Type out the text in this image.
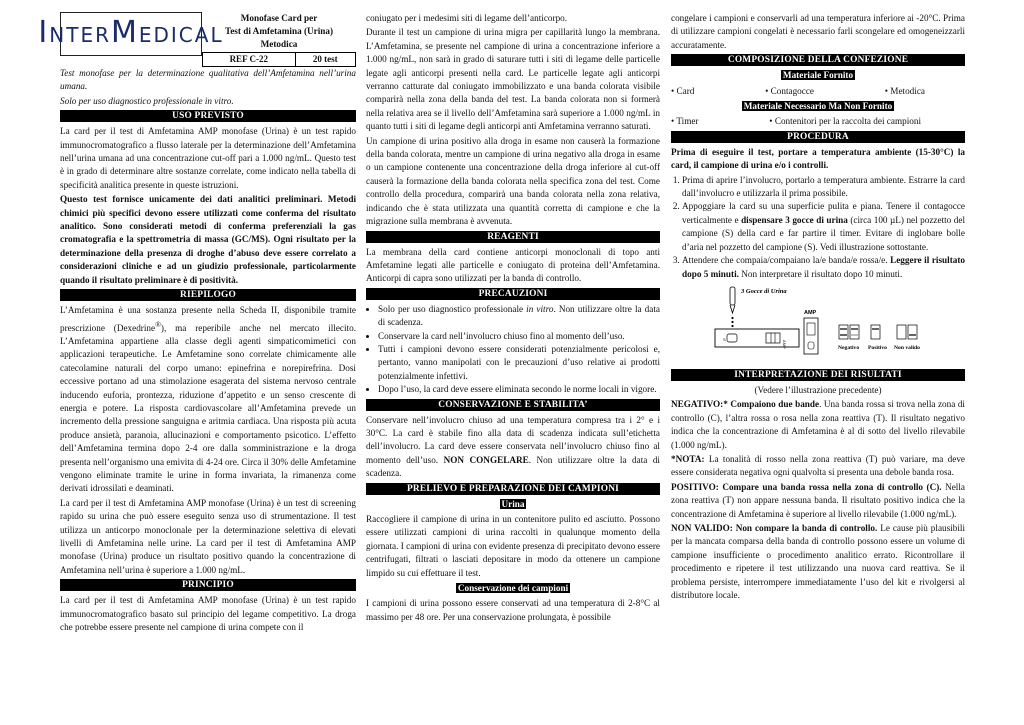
INTERMEDICAL
Monofase Card per
Test di Amfetamina (Urina)
Metodica
REF C-22	20 test

Test monofase per la determinazione qualitativa dell’Amfetamina nell’urina umana.

Solo per uso diagnostico professionale in vitro.

USO PREVISTO

La card per il test di Amfetamina AMP monofase (Urina) è un test rapido immunocromatografico a flusso laterale per la determinazione dell’Amfetamina nell’urina umana ad una concentrazione cut-off pari a 1.000 ng/mL. Questo test è in grado di determinare altre sostanze correlate, come indicato nella tabella di specificità analitica presente in queste istruzioni.

Questo test fornisce unicamente dei dati analitici preliminari. Metodi chimici più specifici devono essere utilizzati come conferma del risultato analitico. Sono considerati metodi di conferma preferenziali la gas cromatografia e la spettrometria di massa (GC/MS). Ogni risultato per la determinazione della presenza di droghe d’abuso deve essere correlato a considerazioni cliniche e ad un giudizio professionale, particolarmente quando il risultato preliminare è di positività.

RIEPILOGO

L’Amfetamina è una sostanza presente nella Scheda II, disponibile tramite prescrizione (Dexedrine®), ma reperibile anche nel mercato illecito. L’Amfetamina appartiene alla classe degli agenti simpaticomimetici con applicazioni terapeutiche. Le Amfetamine sono correlate chimicamente alle catecolamine naturali del corpo umano: epinefrina e norepirefrina. Dosi eccessive portano ad una stimolazione esagerata del sistema nervoso centrale inducendo euforia, prontezza, riduzione d’appetito e un senso crescente di energia e potere. La risposta cardiovascolare all’Amfetamina prevede un incremento della pressione sanguigna e aritmia cardiaca. Una risposta più acuta produce ansietà, paranoia, allucinazioni e comportamento psicotico. L’effetto dell’Amfetamina termina dopo 2-4 ore dalla somministrazione e la droga presenta nell’organismo una emivita di 4-24 ore. Circa il 30% delle Amfetamine vengono eliminate tramite le urine in forma invariata, la rimanenza come derivati idrossilati e deaminati.

La card per il test di Amfetamina AMP monofase (Urina) è un test di screening rapido su urina che può essere eseguito senza uso di strumentazione. Il test utilizza un anticorpo monoclonale per la determinazione selettiva di elevati livelli di Amfetamina nelle urine. La card per il test di Amfetamina AMP monofase (Urina) produce un risultato positivo quando la concentrazione di Amfetamina nell’urina è superiore a 1.000 ng/mL.

PRINCIPIO

La card per il test di Amfetamina AMP monofase (Urina) è un test rapido immunocromatografico basato sul principio del legame competitivo. La droga che potrebbe essere presente nel campione di urina compete con il

coniugato per i medesimi siti di legame dell’anticorpo.

Durante il test un campione di urina migra per capillarità lungo la membrana. L’Amfetamina, se presente nel campione di urina a concentrazione inferiore a 1.000 ng/mL, non sarà in grado di saturare tutti i siti di legame delle particelle legate agli anticorpi presenti nella card. Le particelle legate agli anticorpi verranno catturate dal coniugato immobilizzato e una banda colorata visibile comparirà nella zona della banda del test. La banda colorata non si formerà nella relativa area se il livello dell’Amfetamina sarà superiore a 1.000 ng/mL in quanto tutti i siti di legame degli anticorpi anti Amfetamina verranno saturati.

Un campione di urina positivo alla droga in esame non causerà la formazione della banda colorata, mentre un campione di urina negativo alla droga in esame o un campione contenente una concentrazione della droga inferiore al cut-off causerà la formazione della banda colorata nella specifica zona del test. Come controllo della procedura, comparirà una banda colorata nella zona relativa, indicando che è stata utilizzata una quantità corretta di campione e che la migrazione sulla membrana è avvenuta.

REAGENTI

La membrana della card contiene anticorpi monoclonali di topo anti Amfetamine legati alle particelle e coniugato di proteina dell’Amfetamina. Anticorpi di capra sono utilizzati per la banda di controllo.

PRECAUZIONI
• Solo per uso diagnostico professionale in vitro. Non utilizzare oltre la data di scadenza.
• Conservare la card nell’involucro chiuso fino al momento dell’uso.
• Tutti i campioni devono essere considerati potenzialmente pericolosi e, pertanto, vanno manipolati con le precauzioni d’uso relative ai prodotti potenzialmente infettivi.
• Dopo l’uso, la card deve essere eliminata secondo le norme locali in vigore.
CONSERVAZIONE E STABILITA’

Conservare nell’involucro chiuso ad una temperatura compresa tra i 2° e i 30°C. La card è stabile fino alla data di scadenza indicata sull’etichetta dell’involucro. La card deve essere conservata nell’involucro chiuso fino al momento dell’uso. NON CONGELARE. Non utilizzare oltre la data di scadenza.

PRELIEVO E PREPARAZIONE DEI CAMPIONI
Urina

Raccogliere il campione di urina in un contenitore pulito ed asciutto. Possono essere utilizzati campioni di urina raccolti in qualunque momento della giornata. I campioni di urina con evidente presenza di precipitato devono essere centrifugati, filtrati o lasciati depositare in modo da ottenere un campione limpido su cui effettuare il test.

Conservazione dei campioni

I campioni di urina possono essere conservati ad una temperatura di 2-8°C al massimo per 48 ore. Per una conservazione prolungata, è possibile

congelare i campioni e conservarli ad una temperatura inferiore ai -20°C. Prima di utilizzare campioni congelati è necessario farli scongelare ed omogeneizzarli accuratamente.

COMPOSIZIONE DELLA CONFEZIONE
Materiale Fornito
• Card	• Contagocce	• Metodica
Materiale Necessario Ma Non Fornito
• Timer	• Contenitori per la raccolta dei campioni
PROCEDURA

Prima di eseguire il test, portare a temperatura ambiente (15-30°C) la card, il campione di urina e/o i controlli.

1. Prima di aprire l’involucro, portarlo a temperatura ambiente. Estrarre la card dall’involucro e utilizzarla il prima possibile.
2. Appoggiare la card su una superficie pulita e piana. Tenere il contagocce verticalmente e dispensare 3 gocce di urina (circa 100 µL) nel pozzetto del campione (S) della card e far partire il timer. Evitare di inglobare bolle d’aria nel pozzetto del campione (S). Vedi illustrazione sottostante.
3. Attendere che compaia/compaiano la/e banda/e rossa/e. Leggere il risultato dopo 5 minuti. Non interpretare il risultato dopo 10 minuti.
3 Gocce di Urina
S
AMP
AMP
Negativo Positivo Non valido
INTERPRETAZIONE DEI RISULTATI

(Vedere l’illustrazione precedente)

NEGATIVO:* Compaiono due bande. Una banda rossa si trova nella zona di controllo (C), l’altra rossa o rosa nella zona reattiva (T). Il risultato negativo indica che la concentrazione di Amfetamina è al di sotto del livello rilevabile (1.000 ng/mL).

*NOTA: La tonalità di rosso nella zona reattiva (T) può variare, ma deve essere considerata negativa ogni qualvolta si presenta una debole banda rosa.

POSITIVO: Compare una banda rossa nella zona di controllo (C). Nella zona reattiva (T) non appare nessuna banda. Il risultato positivo indica che la concentrazione di Amfetamina è superiore al livello rilevabile (1.000 ng/mL).

NON VALIDO: Non compare la banda di controllo. Le cause più plausibili per la mancata comparsa della banda di controllo possono essere un volume di campione insufficiente o procedimento analitico errato. Ricontrollare il procedimento e ripetere il test utilizzando una nuova card reattiva. Se il problema persiste, interrompere immediatamente l’uso del kit e rivolgersi al distributore locale.
